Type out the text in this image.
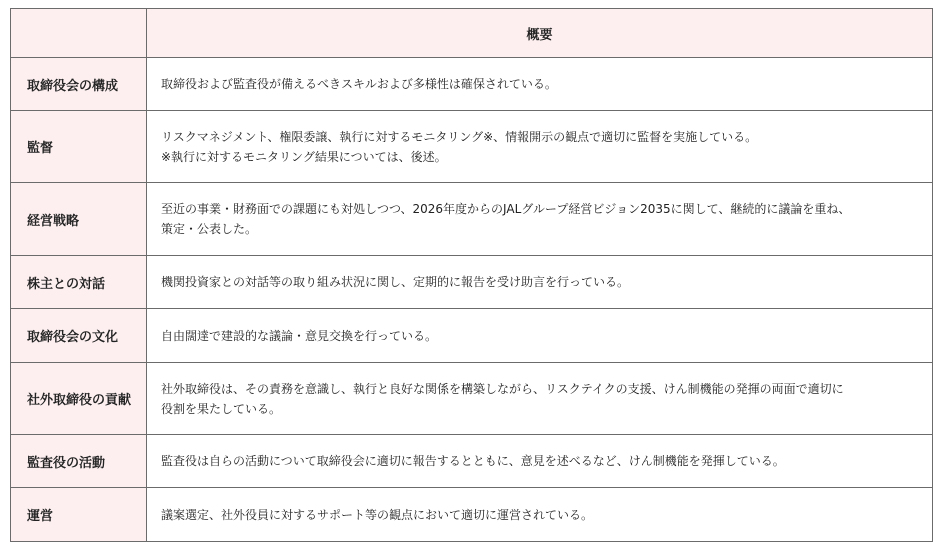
	概要
取締役会の構成	取締役および監査役が備えるべきスキルおよび多様性は確保されている。

監督	リスクマネジメント、権限委譲、執行に対するモニタリング※、情報開示の観点で適切に監督を実施している。
※執行に対するモニタリング結果については、後述。

経営戦略	至近の事業・財務面での課題にも対処しつつ、2026年度からのJALグループ経営ビジョン2035に関して、継続的に議論を重ね、
策定・公表した。

株主との対話	機関投資家との対話等の取り組み状況に関し、定期的に報告を受け助言を行っている。

取締役会の文化	自由闊達で建設的な議論・意見交換を行っている。

社外取締役の貢献	社外取締役は、その責務を意識し、執行と良好な関係を構築しながら、リスクテイクの支援、けん制機能の発揮の両面で適切に
役割を果たしている。

監査役の活動	監査役は自らの活動について取締役会に適切に報告するとともに、意見を述べるなど、けん制機能を発揮している。

運営	議案選定、社外役員に対するサポート等の観点において適切に運営されている。
